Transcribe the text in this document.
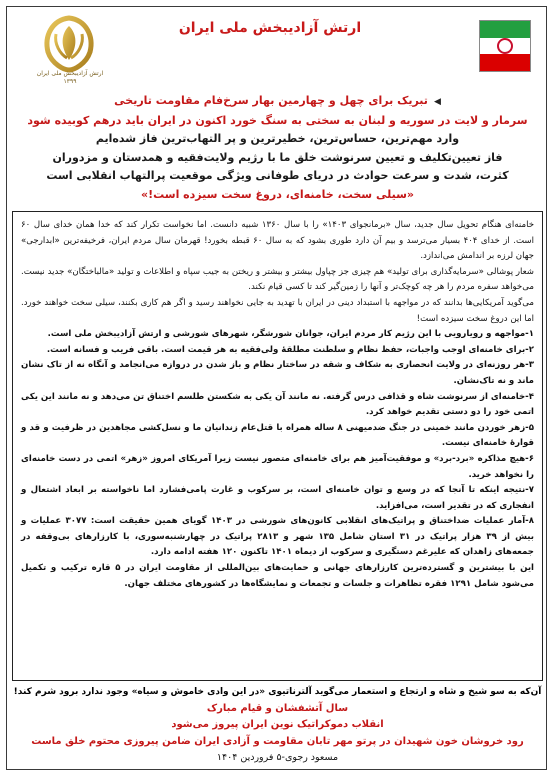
ارتش آزادیبخش ملی ایران ۱۳۹۹
ارتش آزادیبخش ملی ایران
◀تبریک برای چهل و چهارمین بهار سرخ‌فام مقاومت تاریخی
سرمار و لایت در سوریه و لبنان به سختی به سنگ خورد اکنون در ایران باید درهم کوبیده شود
وارد مهم‌ترین، حساس‌ترین، خطیرترین و پر التهاب‌ترین فاز شده‌ایم
فاز تعیین‌تکلیف و تعیین سرنوشت خلق ما با رژیم ولایت‌فقیه و همدستان و مزدوران
کثرت، شدت و سرعت حوادث در دریای طوفانی ویژگی موقعیت پرالتهاب انقلابی است
«سیلی سخت، خامنه‌ای، دروغ سخت سیزده است!»

خامنه‌ای هنگام تحویل سال جدید، سال «برمانجوای ۱۴۰۳» را با سال ۱۳۶۰ شبیه دانست. اما نخواست تکرار کند که خدا همان خدای سال ۶۰ است. از خدای ۴۰۴ بسیار می‌ترسد و بیم آن دارد طوری بشود که به سال ۶۰ قبطه بخورد! قهرمان سال مردم ایران، فرخیفه‌ترین «ابدارجی» جهان لرزه بر اندامش می‌اندازد.

شعار پوشالی «سرمایه‌گذاری برای تولید» هم چیزی جز چپاول بیشتر و بیشتر و ریختن به جیب سپاه و اطلاعات و تولید «مالباختگان» جدید نیست. می‌خواهد سفره مردم را هر چه کوچک‌تر و آنها را زمین‌گیر کند تا کسی قیام نکند.

می‌گوید آمریکایی‌ها بدانند که در مواجهه با استبداد دینی در ایران با تهدید به جایی نخواهند رسید و اگر هم کاری بکنند، سیلی سخت خواهند خورد. اما این دروغ سخت سیزده است!

۱-مواجهه و رویارویی با این رژیم کار مردم ایران، جوانان شورشگر، شهرهای شورشی و ارتش آزادیبخش ملی است.

۲-برای خامنه‌ای اوجب واجبات، حفظ نظام و سلطنت مطلقهٔ ولی‌فقیه به هر قیمت است. باقی فریب و فسانه است.

۳-هر روزنه‌ای در ولایت انحصاری به شکاف و شقه در ساختار نظام و باز شدن در دروازه می‌انجامد و آنگاه نه از تاک نشان ماند و نه تاک‌نشان.

۴-خامنه‌ای از سرنوشت شاه و قذافی درس گرفته. نه مانند آن یکی به شکستن طلسم اختناق تن می‌دهد و نه مانند این یکی اتمی خود را دو دستی تقدیم خواهد کرد.

۵-زهر خوردن مانند خمینی در جنگ ضدمیهنی ۸ ساله همراه با قتل‌عام زندانیان ما و نسل‌کشی مجاهدین در ظرفیت و قد و قوارهٔ خامنه‌ای نیست.

۶-هیچ مذاکره «برد-برد» و موفقیت‌آمیز هم برای خامنه‌ای متصور نیست زیرا آمریکای امروز «زهر» اتمی در دست خامنه‌ای را نخواهد خرید.

۷-نتیجه اینکه تا آنجا که در وسع و توان خامنه‌ای است، بر سرکوب و غارت پامی‌فشارد اما ناخواسته بر ابعاد اشتعال و انفجاری که در تقدیر است، می‌افزاید.

۸-آمار عملیات ضداختناق و پراتیک‌های انقلابی کانون‌های شورشی در ۱۴۰۳ گویای همین حقیقت است: ۳۰۷۷ عملیات و بیش از ۳۹ هزار پراتیک در ۳۱ استان شامل ۱۳۵ شهر و ۲۸۱۳ پراتیک در چهارشنبه‌سوری، با کارزارهای بی‌وقفه در جمعه‌های زاهدان که علیرغم دستگیری و سرکوب از دیماه ۱۴۰۱ تاکنون ۱۲۰ هفته ادامه دارد.

این با بیشترین و گسترده‌ترین کارزارهای جهانی و حمایت‌های بین‌المللی از مقاومت ایران در ۵ قاره ترکیب و تکمیل می‌شود شامل ۱۲۹۱ فقره تظاهرات و جلسات و تجمعات و نمایشگاه‌ها در کشورهای مختلف جهان.

آن‌که به سو شیخ و شاه و ارتجاع و استعمار می‌گوید آلترناتیوی «در این وادی خاموش و سیاه» وجود ندارد برود شرم کند!
سال آتشفشان و قیام مبارک
انقلاب دموکراتیک نوین ایران پیروز می‌شود
رود خروشان خون شهیدان در پرتو مهر تابان مقاومت و آزادی ایران ضامن پیروزی محتوم خلق ماست
مسعود رجوی-۵ فروردین ۱۴۰۴
